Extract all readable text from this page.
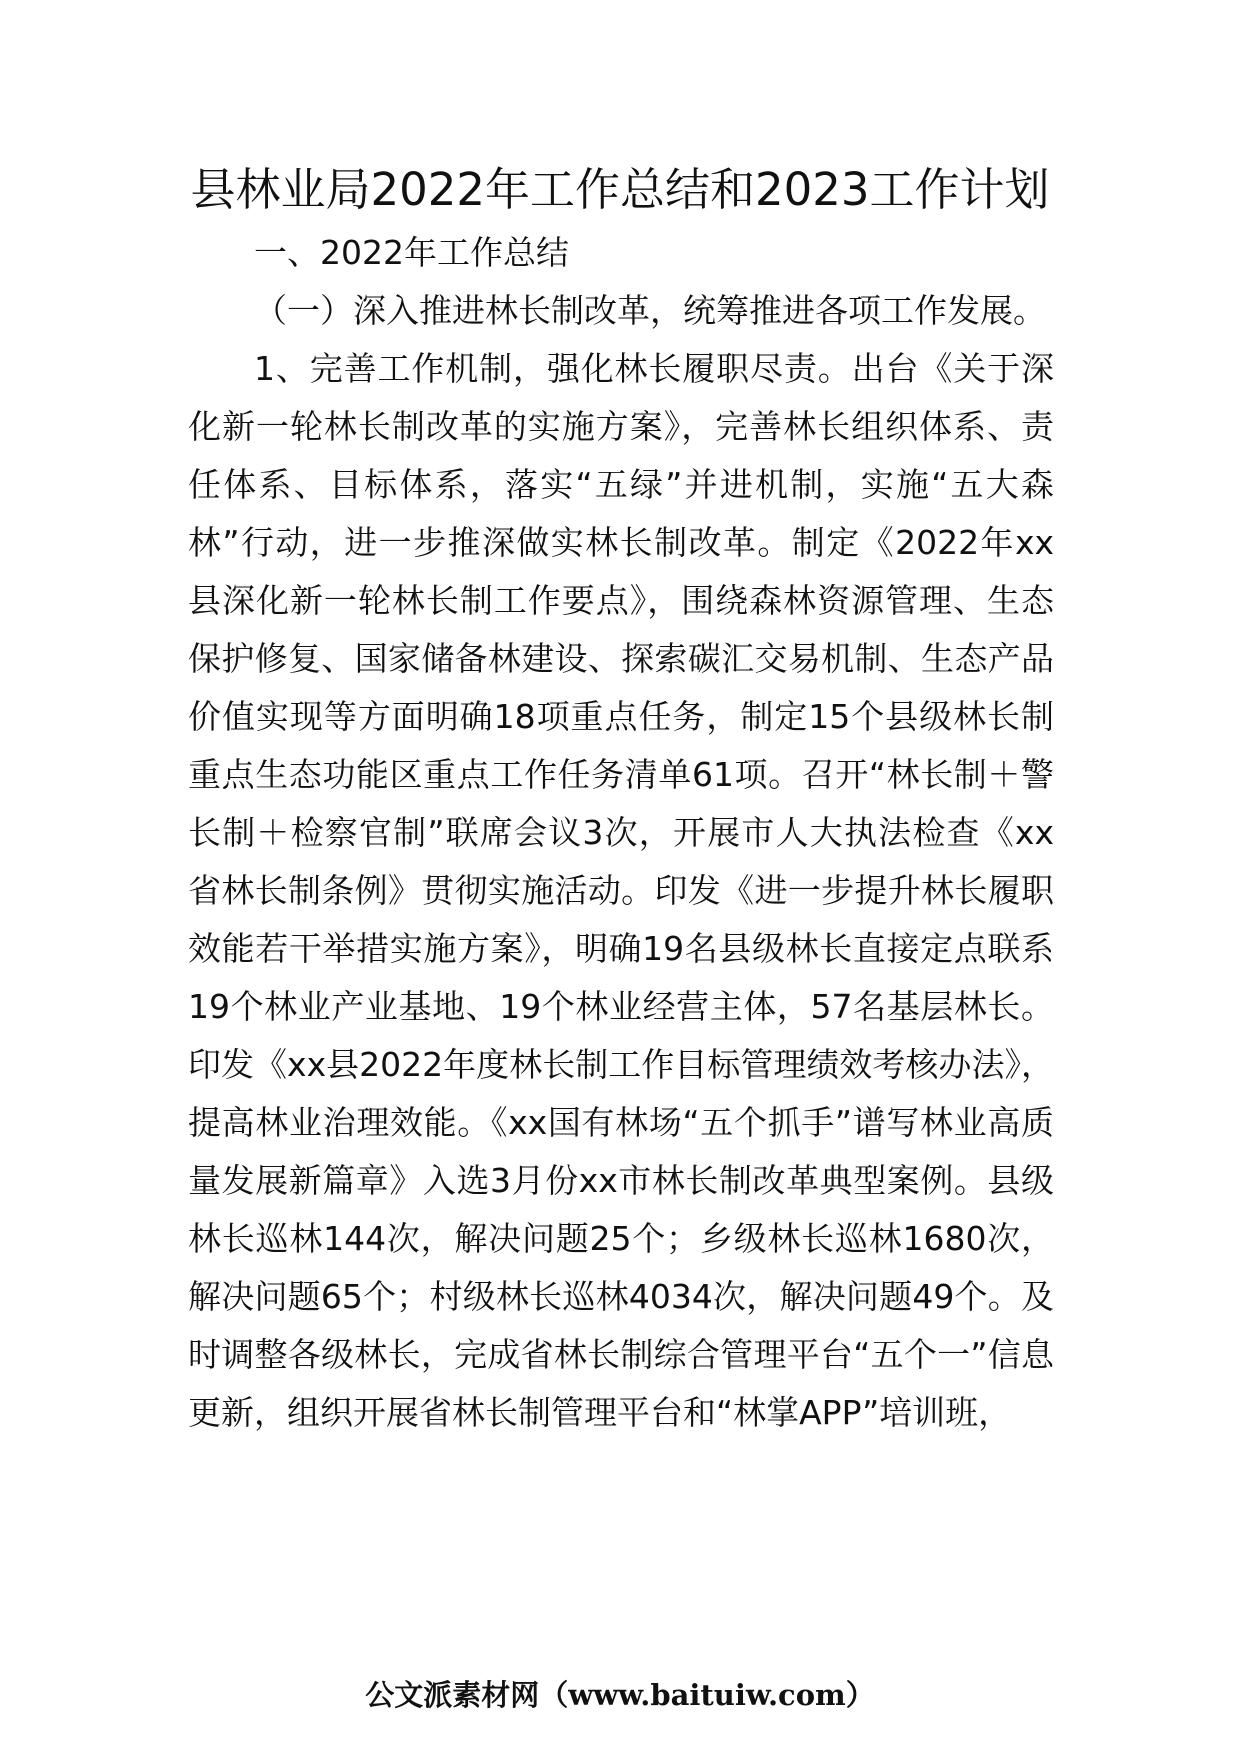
县林业局2022年工作总结和2023工作计划

一、2022年工作总结

（一）深入推进林长制改革，统筹推进各项工作发展。

1、完善工作机制，强化林长履职尽责。出台《关于深化新一轮林长制改革的实施方案》，完善林长组织体系、责任体系、目标体系，落实“五绿”并进机制，实施“五大森林”行动，进一步推深做实林长制改革。制定《2022年xx县深化新一轮林长制工作要点》，围绕森林资源管理、生态保护修复、国家储备林建设、探索碳汇交易机制、生态产品价值实现等方面明确18项重点任务，制定15个县级林长制重点生态功能区重点工作任务清单61项。召开“林长制＋警长制＋检察官制”联席会议3次，开展市人大执法检查《xx省林长制条例》贯彻实施活动。印发《进一步提升林长履职效能若干举措实施方案》，明确19名县级林长直接定点联系19个林业产业基地、19个林业经营主体，57名基层林长。印发《xx县2022年度林长制工作目标管理绩效考核办法》，提高林业治理效能。《xx国有林场“五个抓手”谱写林业高质量发展新篇章》入选3月份xx市林长制改革典型案例。县级林长巡林144次，解决问题25个；乡级林长巡林1680次，解决问题65个；村级林长巡林4034次，解决问题49个。及时调整各级林长，完成省林长制综合管理平台“五个一”信息更新，组织开展省林长制管理平台和“林掌APP”培训班，

公文派素材网（www.baituiw.com）
